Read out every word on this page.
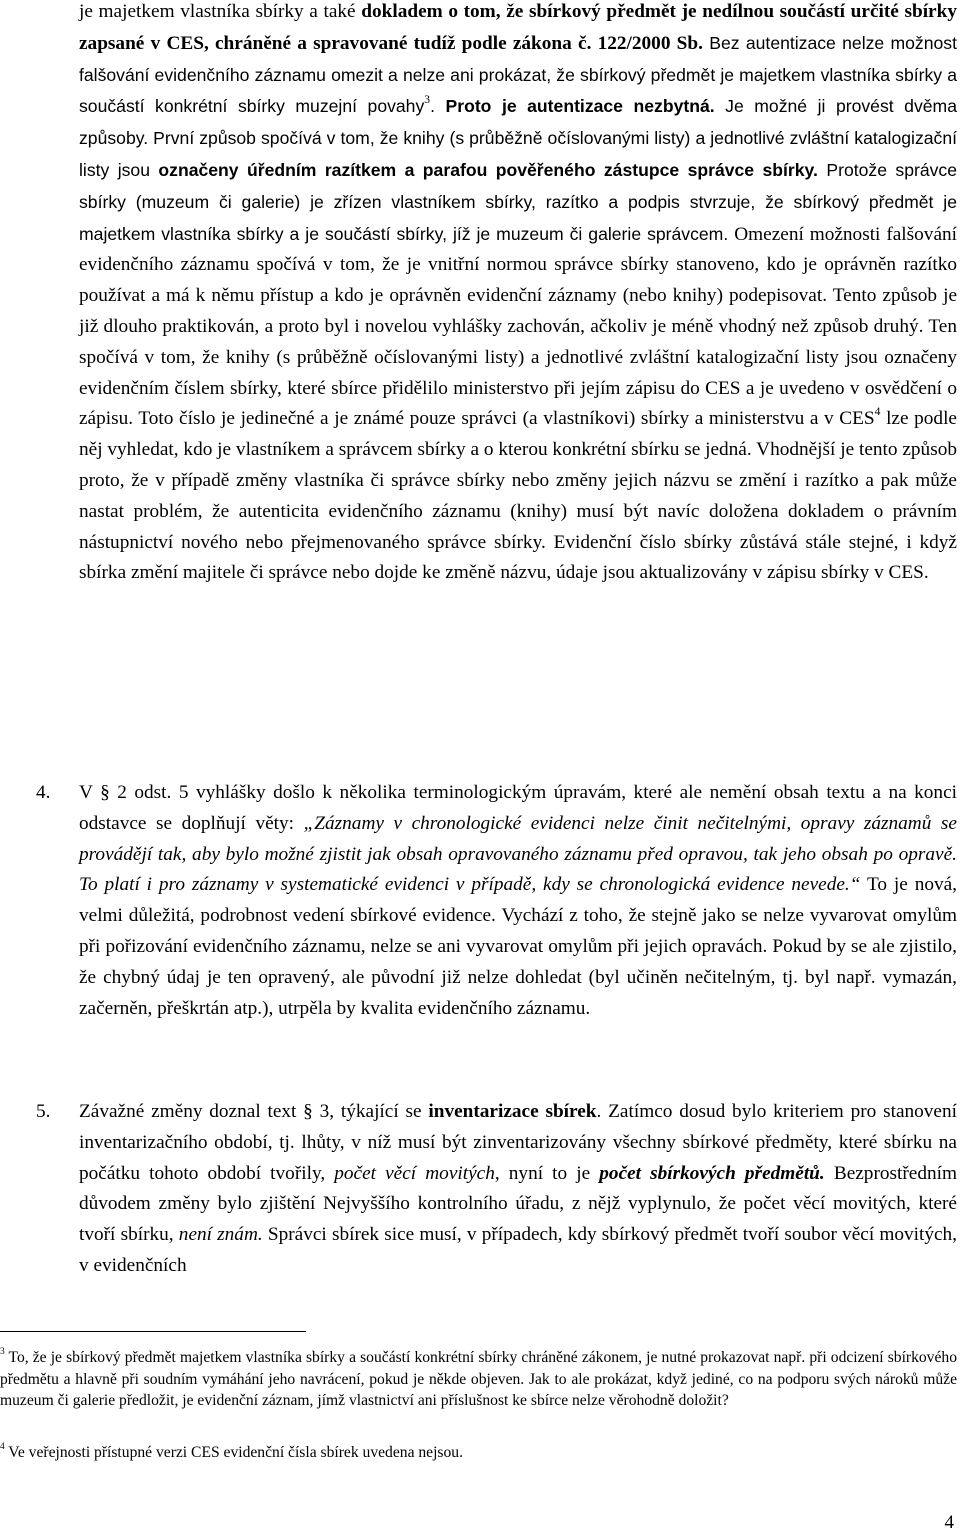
je majetkem vlastníka sbírky a také dokladem o tom, že sbírkový předmět je nedílnou součástí určité sbírky zapsané v CES, chráněné a spravované tudíž podle zákona č. 122/2000 Sb. Bez autentizace nelze možnost falšování evidenčního záznamu omezit a nelze ani prokázat, že sbírkový předmět je majetkem vlastníka sbírky a součástí konkrétní sbírky muzejní povahy$^3$. Proto je autentizace nezbytná. Je možné ji provést dvěma způsoby. První způsob spočívá v tom, že knihy (s průběžně očíslovanými listy) a jednotlivé zvláštní katalogizační listy jsou označeny úředním razítkem a parafou pověřeného zástupce správce sbírky. Protože správce sbírky (muzeum či galerie) je zřízen vlastníkem sbírky, razítko a podpis stvrzuje, že sbírkový předmět je majetkem vlastníka sbírky a je součástí sbírky, jíž je muzeum či galerie správcem. Omezení možnosti falšování evidenčního záznamu spočívá v tom, že je vnitřní normou správce sbírky stanoveno, kdo je oprávněn razítko používat a má k němu přístup a kdo je oprávněn evidenční záznamy (nebo knihy) podepisovat. Tento způsob je již dlouho praktikován, a proto byl i novelou vyhlášky zachován, ačkoliv je méně vhodný než způsob druhý. Ten spočívá v tom, že knihy (s průběžně očíslovanými listy) a jednotlivé zvláštní katalogizační listy jsou označeny evidenčním číslem sbírky, které sbírce přidělilo ministerstvo při jejím zápisu do CES a je uvedeno v osvědčení o zápisu. Toto číslo je jedinečné a je známé pouze správci (a vlastníkovi) sbírky a ministerstvu a v CES$^4$ lze podle něj vyhledat, kdo je vlastníkem a správcem sbírky a o kterou konkrétní sbírku se jedná. Vhodnější je tento způsob proto, že v případě změny vlastníka či správce sbírky nebo změny jejich názvu se změní i razítko a pak může nastat problém, že autenticita evidenčního záznamu (knihy) musí být navíc doložena dokladem o právním nástupnictví nového nebo přejmenovaného správce sbírky. Evidenční číslo sbírky zůstává stále stejné, i když sbírka změní majitele či správce nebo dojde ke změně názvu, údaje jsou aktualizovány v zápisu sbírky v CES.

4. V § 2 odst. 5 vyhlášky došlo k několika terminologickým úpravám, které ale nemění obsah textu a na konci odstavce se doplňují věty: „Záznamy v chronologické evidenci nelze činit nečitelnými, opravy záznamů se provádějí tak, aby bylo možné zjistit jak obsah opravovaného záznamu před opravou, tak jeho obsah po opravě. To platí i pro záznamy v systematické evidenci v případě, kdy se chronologická evidence nevede.“ To je nová, velmi důležitá, podrobnost vedení sbírkové evidence. Vychází z toho, že stejně jako se nelze vyvarovat omylům při pořizování evidenčního záznamu, nelze se ani vyvarovat omylům při jejich opravách. Pokud by se ale zjistilo, že chybný údaj je ten opravený, ale původní již nelze dohledat (byl učiněn nečitelným, tj. byl např. vymazán, začerněn, přeškrtán atp.), utrpěla by kvalita evidenčního záznamu.

5. Závažné změny doznal text § 3, týkající se inventarizace sbírek. Zatímco dosud bylo kriteriem pro stanovení inventarizačního období, tj. lhůty, v níž musí být zinventarizovány všechny sbírkové předměty, které sbírku na počátku tohoto období tvořily, počet věcí movitých, nyní to je počet sbírkových předmětů. Bezprostředním důvodem změny bylo zjištění Nejvyššího kontrolního úřadu, z nějž vyplynulo, že počet věcí movitých, které tvoří sbírku, není znám. Správci sbírek sice musí, v případech, kdy sbírkový předmět tvoří soubor věcí movitých, v evidenčních

$^3$ To, že je sbírkový předmět majetkem vlastníka sbírky a součástí konkrétní sbírky chráněné zákonem, je nutné prokazovat např. při odcizení sbírkového předmětu a hlavně při soudním vymáhání jeho navrácení, pokud je někde objeven. Jak to ale prokázat, když jediné, co na podporu svých nároků může muzeum či galerie předložit, je evidenční záznam, jímž vlastnictví ani příslušnost ke sbírce nelze věrohodně doložit?

$^4$ Ve veřejnosti přístupné verzi CES evidenční čísla sbírek uvedena nejsou.

4
